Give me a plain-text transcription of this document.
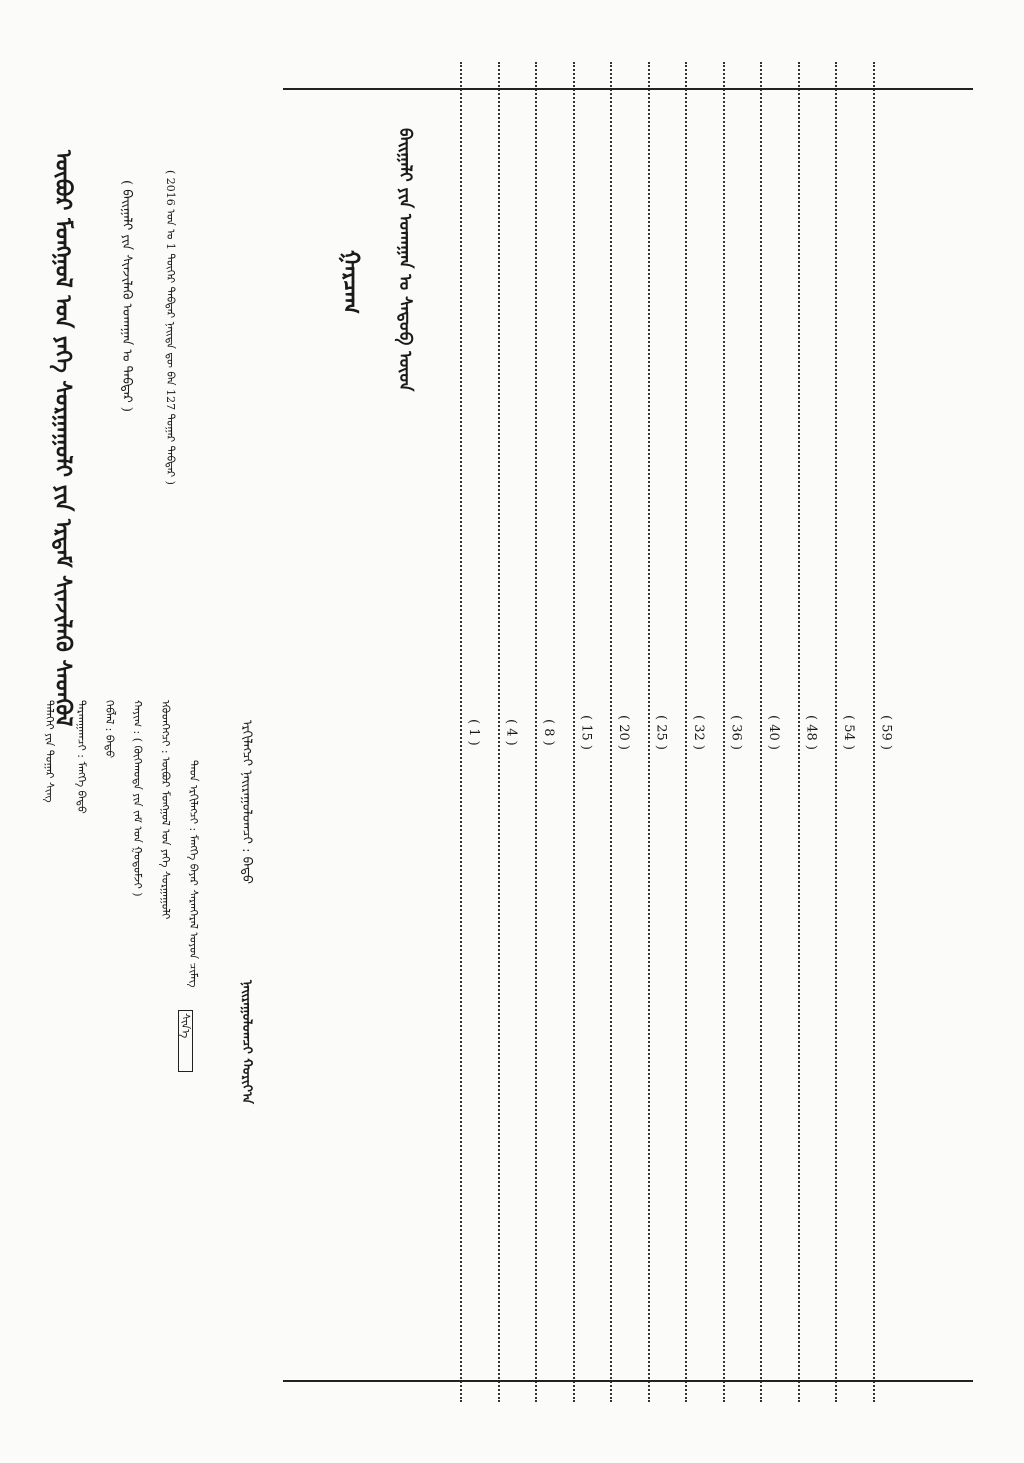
ᠪᠠᠢᠭᠠᠯᠢ ᠶᠢᠨ ᠤᠬᠠᠭᠠᠨ ᠤ ᠰᠡᠳᠦᠪ ᠦᠳ
ᠭᠠᠷᠴᠠᠭ
( 1 ) ( 4 ) ( 8 ) ( 15 ) ( 20 ) ( 25 ) ( 32 ) ( 36 ) ( 40 ) ( 48 ) ( 54 ) ( 59 )
ᠦᠪᠦᠷ ᠮᠣᠩᠭᠣᠯ ᠤᠨ ᠶᠡᠬᠡ ᠰᠤᠷᠭᠠᠭᠤᠯᠢ ᠶᠢᠨ ᠡᠷᠳᠡᠮ ᠰᠢᠨᠵᠢᠯᠡᠬᠦ ᠰᠡᠳᠬᠦᠯ	( ᠪᠠᠢᠭᠠᠯᠢ ᠶᠢᠨ ᠰᠢᠨᠵᠢᠯᠡᠬᠦ ᠤᠬᠠᠭᠠᠨ ᠤ ᠳᠡᠪᠲᠡᠷ )	( 2016 ᠣᠨ ᠤ 1 ᠳᠦᠭᠡᠷ ᠳᠡᠪᠲᠡᠷ ᠨᠡᠢᠲᠡ ᠳᠦ ᠪᠠᠨ 127 ᠳᠤᠭᠠᠷ ᠳᠡᠪᠲᠡᠷ )
ᠡᠷᠬᠢᠯᠡᠭᠴᠢ ᠨᠠᠢᠷᠠᠭᠤᠯᠤᠭᠴᠢ : ᠪᠠᠲᠤ
ᠳᠡᠳ ᠡᠷᠬᠢᠯᠡᠭᠴᠢ : ᠮᠡᠩᠭᠡ ᠪᠠᠶᠠᠷ ᠰᠠᠷᠠᠨᠭᠡᠷᠡᠯ ᠣᠶᠤᠨ ᠴᠢᠮᠡᠭ
ᠡᠭᠦᠳᠬᠡᠭᠴᠢ : ᠦᠪᠦᠷ ᠮᠣᠩᠭᠣᠯ ᠤᠨ ᠶᠡᠬᠡ ᠰᠤᠷᠭᠠᠭᠤᠯᠢ
ᠬᠠᠶᠢᠭ : ( ᠬᠥᠬᠡᠬᠣᠲᠠ ᠶᠢᠨ ᠵᠠᠮ ᠤᠨ ᠭᠤᠳᠤᠮᠵᠢ )
ᠬᠡᠪᠯᠡᠯ : ᠪᠠᠲᠤ
ᠲᠠᠷᠬᠠᠭᠠᠭᠴᠢ : ᠮᠡᠩᠭᠡ ᠪᠠᠲᠤ
ᠳᠡᠯᠡᠬᠡᠢ ᠶᠢᠨ ᠳᠤᠭᠠᠷ ᠰᠢᠩ
ᠰᠢᠨ᠎ᠡ	ᠨᠠᠢᠷᠠᠭᠤᠯᠤᠭᠴᠢ ᠬᠤᠷᠢᠶ᠎ᠠ
